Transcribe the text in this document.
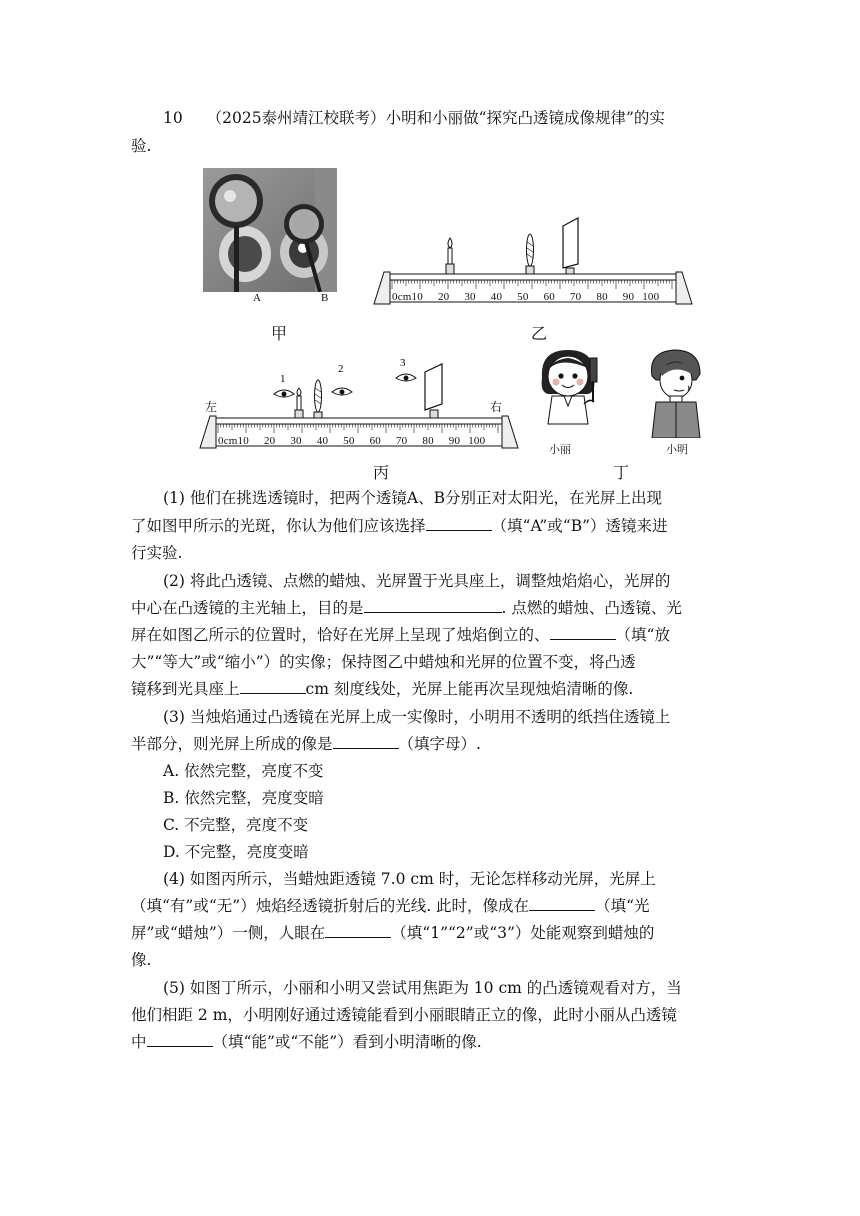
10 （2025泰州靖江校联考）小明和小丽做“探究凸透镜成像规律”的实
验.
A	B
甲
0cm10 20 30 40 50 60 70 80 90 100
乙
1
2	3
左	右
0cm10 20 30 40 50 60 70 80 90 100
丙
小丽	小明
丁
(1) 他们在挑选透镜时，把两个透镜A、B分别正对太阳光，在光屏上出现
了如图甲所示的光斑，你认为他们应该选择	（填“A”或“B”）透镜来进
行实验.
(2) 将此凸透镜、点燃的蜡烛、光屏置于光具座上，调整烛焰焰心，光屏的
中心在凸透镜的主光轴上，目的是	. 点燃的蜡烛、凸透镜、光
屏在如图乙所示的位置时，恰好在光屏上呈现了烛焰倒立的、	（填“放
大”“等大”或“缩小”）的实像；保持图乙中蜡烛和光屏的位置不变，将凸透
镜移到光具座上	cm 刻度线处，光屏上能再次呈现烛焰清晰的像.
(3) 当烛焰通过凸透镜在光屏上成一实像时，小明用不透明的纸挡住透镜上
半部分，则光屏上所成的像是	（填字母）.
A. 依然完整，亮度不变
B. 依然完整，亮度变暗
C. 不完整，亮度不变
D. 不完整，亮度变暗
(4) 如图丙所示，当蜡烛距透镜 7.0 cm 时，无论怎样移动光屏，光屏上
（填“有”或“无”）烛焰经透镜折射后的光线. 此时，像成在	（填“光
屏”或“蜡烛”）一侧，人眼在	（填“1”“2”或“3”）处能观察到蜡烛的
像.
(5) 如图丁所示，小丽和小明又尝试用焦距为 10 cm 的凸透镜观看对方，当
他们相距 2 m，小明刚好通过透镜能看到小丽眼睛正立的像，此时小丽从凸透镜
中	（填“能”或“不能”）看到小明清晰的像.
